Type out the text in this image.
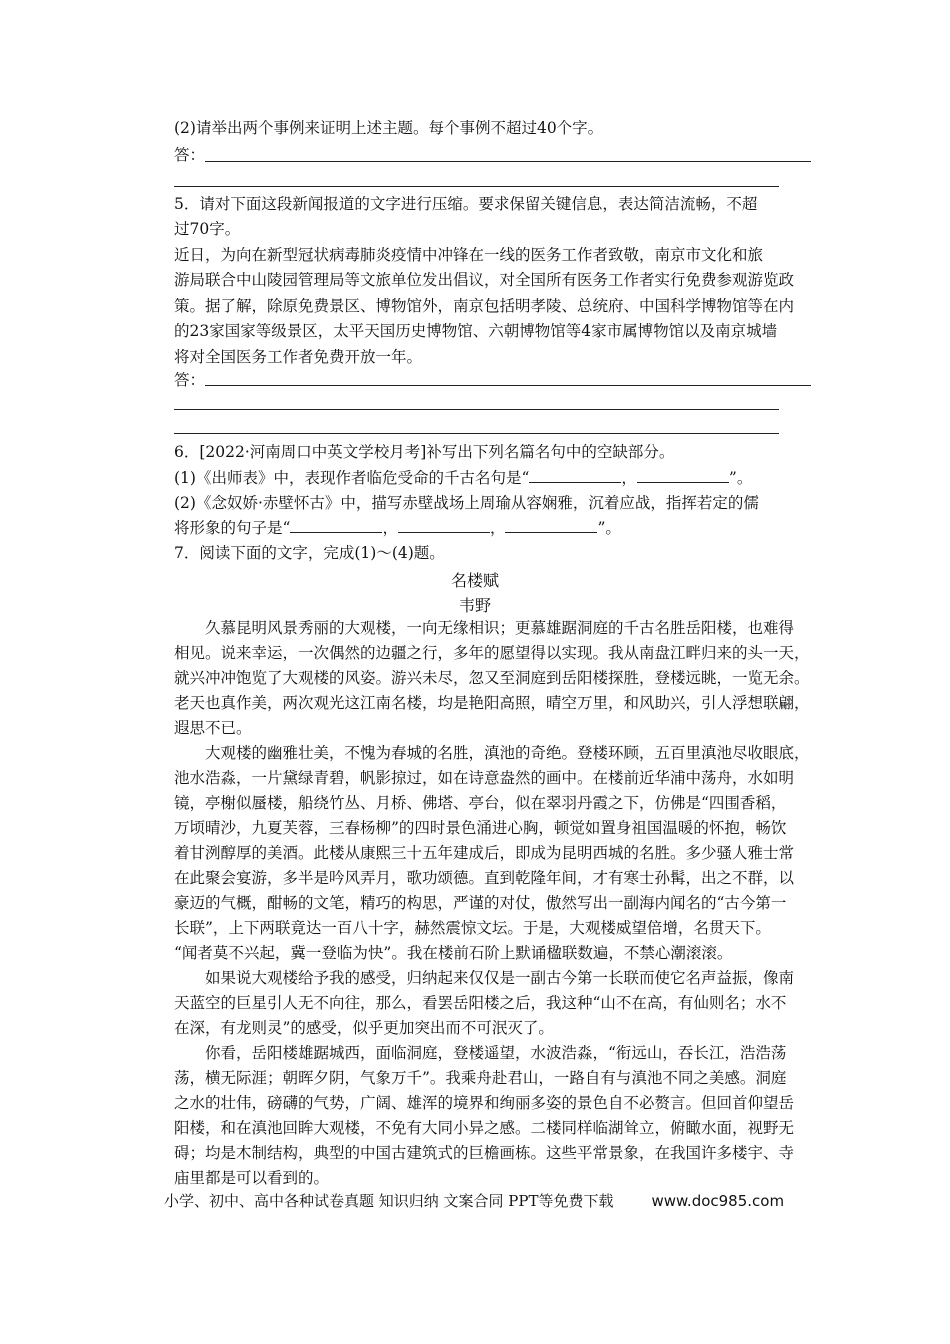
(2)请举出两个事例来证明上述主题。每个事例不超过40个字。
答：
5．请对下面这段新闻报道的文字进行压缩。要求保留关键信息，表达简洁流畅，不超
过70字。
近日，为向在新型冠状病毒肺炎疫情中冲锋在一线的医务工作者致敬，南京市文化和旅
游局联合中山陵园管理局等文旅单位发出倡议，对全国所有医务工作者实行免费参观游览政
策。据了解，除原免费景区、博物馆外，南京包括明孝陵、总统府、中国科学博物馆等在内
的23家国家等级景区，太平天国历史博物馆、六朝博物馆等4家市属博物馆以及南京城墙
将对全国医务工作者免费开放一年。
答：
6．[2022·河南周口中英文学校月考]补写出下列名篇名句中的空缺部分。
(1)《出师表》中，表现作者临危受命的千古名句是“	，	”。
(2)《念奴娇·赤壁怀古》中，描写赤壁战场上周瑜从容娴雅，沉着应战，指挥若定的儒
将形象的句子是“	，	，	”。
7．阅读下面的文字，完成(1)～(4)题。
名楼赋
韦野
　　久慕昆明风景秀丽的大观楼，一向无缘相识；更慕雄踞洞庭的千古名胜岳阳楼，也难得
相见。说来幸运，一次偶然的边疆之行，多年的愿望得以实现。我从南盘江畔归来的头一天，
就兴冲冲饱览了大观楼的风姿。游兴未尽，忽又至洞庭到岳阳楼探胜，登楼远眺，一览无余。
老天也真作美，两次观光这江南名楼，均是艳阳高照，晴空万里，和风助兴，引人浮想联翩，
遐思不已。
　　大观楼的幽雅壮美，不愧为春城的名胜，滇池的奇绝。登楼环顾，五百里滇池尽收眼底，
池水浩淼，一片黛绿青碧，帆影掠过，如在诗意盎然的画中。在楼前近华浦中荡舟，水如明
镜，亭榭似蜃楼，船绕竹丛、月桥、佛塔、亭台，似在翠羽丹霞之下，仿佛是“四围香稻，
万顷晴沙，九夏芙蓉，三春杨柳”的四时景色涌进心胸，顿觉如置身祖国温暖的怀抱，畅饮
着甘洌醇厚的美酒。此楼从康熙三十五年建成后，即成为昆明西城的名胜。多少骚人雅士常
在此聚会宴游，多半是吟风弄月，歌功颂德。直到乾隆年间，才有寒士孙髯，出之不群，以
豪迈的气概，酣畅的文笔，精巧的构思，严谨的对仗，傲然写出一副海内闻名的“古今第一
长联”，上下两联竟达一百八十字，赫然震惊文坛。于是，大观楼威望倍增，名贯天下。
“闻者莫不兴起，冀一登临为快”。我在楼前石阶上默诵楹联数遍，不禁心潮滚滚。
　　如果说大观楼给予我的感受，归纳起来仅仅是一副古今第一长联而使它名声益振，像南
天蓝空的巨星引人无不向往，那么，看罢岳阳楼之后，我这种“山不在高，有仙则名；水不
在深，有龙则灵”的感受，似乎更加突出而不可泯灭了。
　　你看，岳阳楼雄踞城西，面临洞庭，登楼遥望，水波浩淼，“衔远山，吞长江，浩浩荡
荡，横无际涯；朝晖夕阴，气象万千”。我乘舟赴君山，一路自有与滇池不同之美感。洞庭
之水的壮伟，磅礴的气势，广阔、雄浑的境界和绚丽多姿的景色自不必赘言。但回首仰望岳
阳楼，和在滇池回眸大观楼，不免有大同小异之感。二楼同样临湖耸立，俯瞰水面，视野无
碍；均是木制结构，典型的中国古建筑式的巨檐画栋。这些平常景象，在我国许多楼宇、寺
庙里都是可以看到的。
小学、初中、高中各种试卷真题 知识归纳 文案合同 PPT等免费下载	www.doc985.com
